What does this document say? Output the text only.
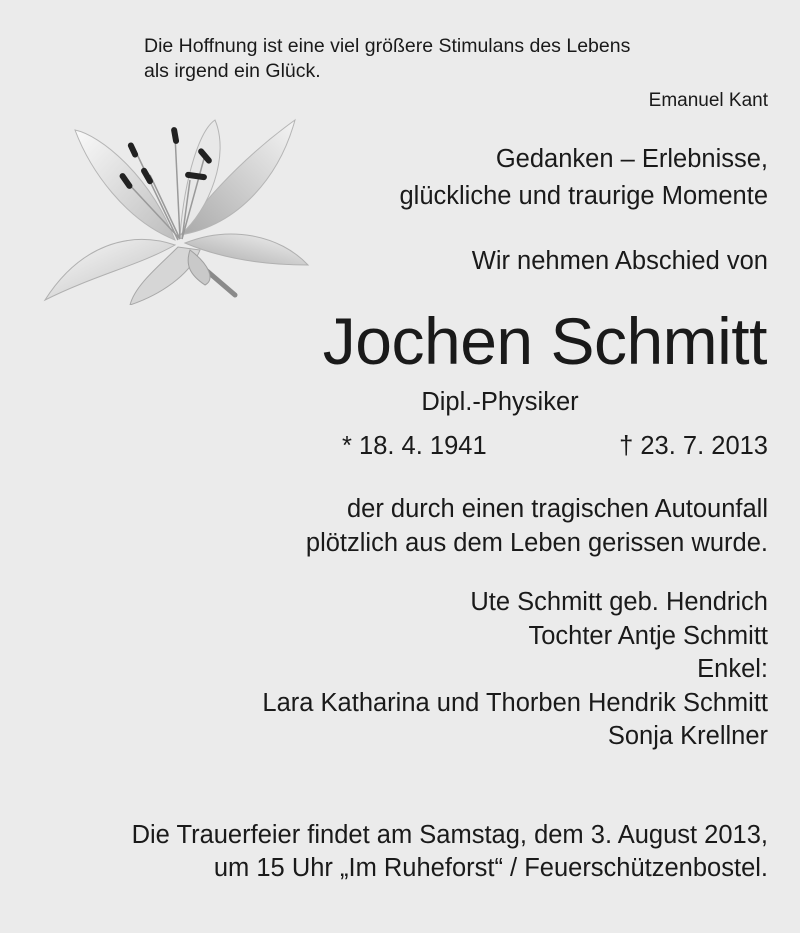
Die Hoffnung ist eine viel größere Stimulans des Lebens
als irgend ein Glück.
Emanuel Kant
Gedanken – Erlebnisse,
glückliche und traurige Momente
Wir nehmen Abschied von
Jochen Schmitt
Dipl.-Physiker
* 18. 4. 1941	† 23. 7. 2013
der durch einen tragischen Autounfall
plötzlich aus dem Leben gerissen wurde.
Ute Schmitt geb. Hendrich
Tochter Antje Schmitt
Enkel:
Lara Katharina und Thorben Hendrik Schmitt
Sonja Krellner
Die Trauerfeier findet am Samstag, dem 3. August 2013,
um 15 Uhr „Im Ruheforst“ / Feuerschützenbostel.
